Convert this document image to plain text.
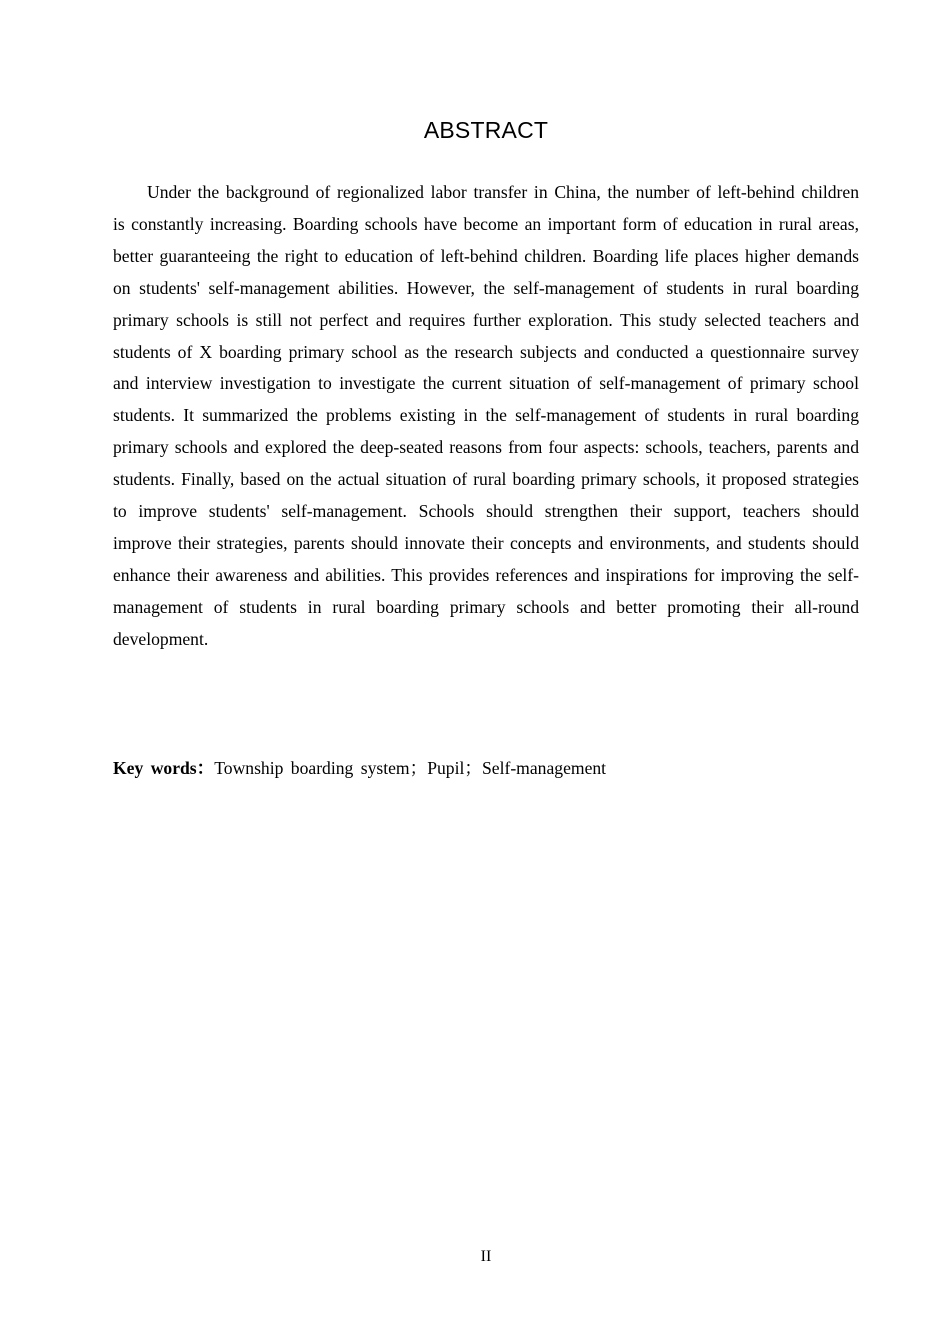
ABSTRACT

Under the background of regionalized labor transfer in China, the number of left-behind children is constantly increasing. Boarding schools have become an important form of education in rural areas, better guaranteeing the right to education of left-behind children. Boarding life places higher demands on students' self-management abilities. However, the self-management of students in rural boarding primary schools is still not perfect and requires further exploration. This study selected teachers and students of X boarding primary school as the research subjects and conducted a questionnaire survey and interview investigation to investigate the current situation of self-management of primary school students. It summarized the problems existing in the self-management of students in rural boarding primary schools and explored the deep-seated reasons from four aspects: schools, teachers, parents and students. Finally, based on the actual situation of rural boarding primary schools, it proposed strategies to improve students' self-management. Schools should strengthen their support, teachers should improve their strategies, parents should innovate their concepts and environments, and students should enhance their awareness and abilities. This provides references and inspirations for improving the self-management of students in rural boarding primary schools and better promoting their all-round development.

Key words：Township boarding system；Pupil；Self-management
II
